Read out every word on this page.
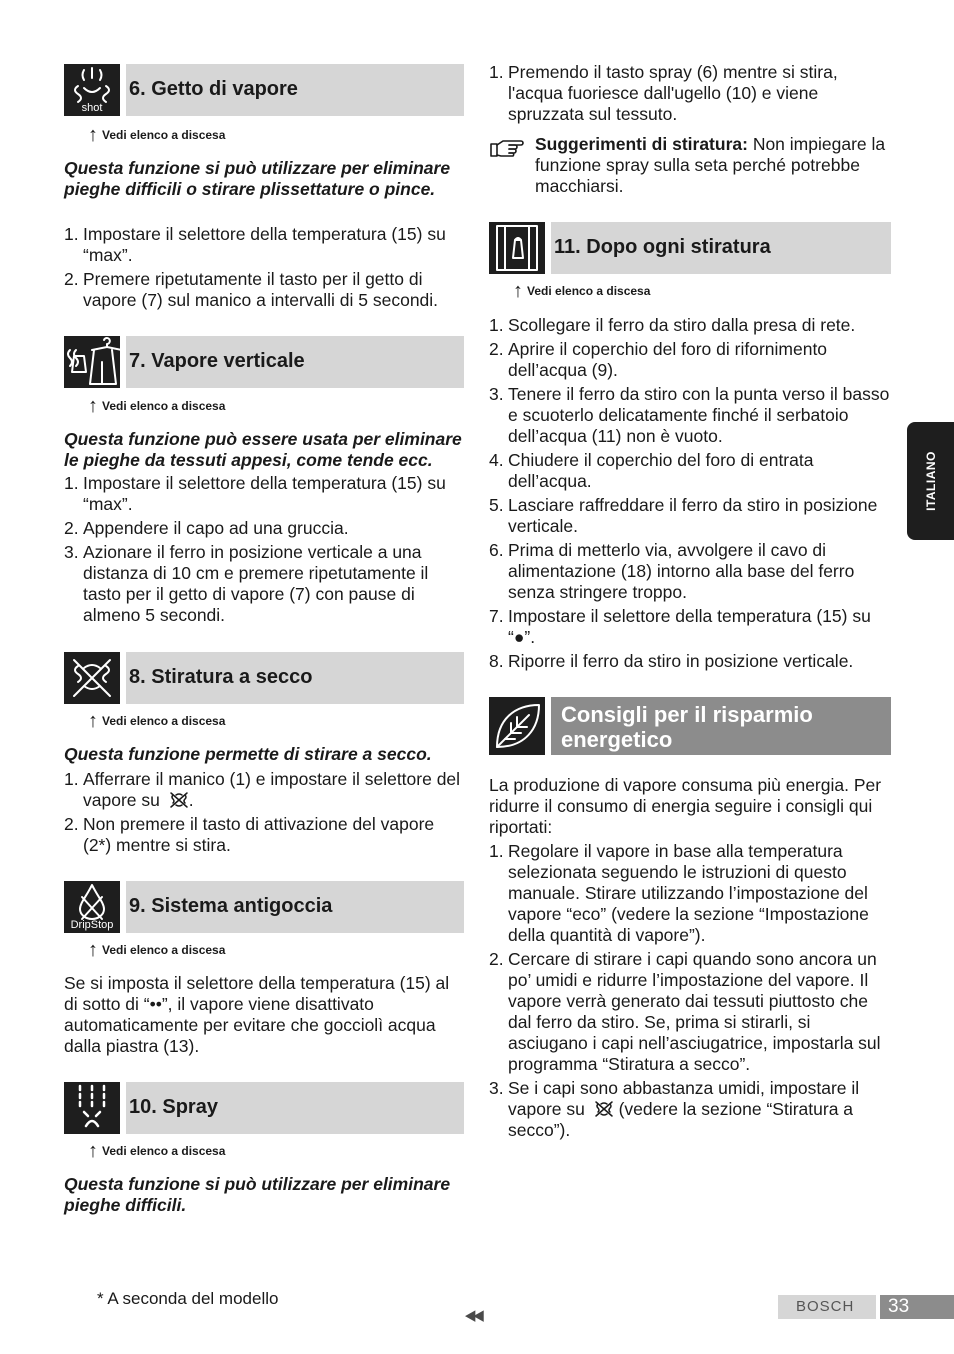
shot
6. Getto di vapore
↑ Vedi elenco a discesa
Questa funzione si può utilizzare per eliminare pieghe difficili o stirare plissettature o pince.
1. Impostare il selettore della temperatura (15) su “max”.
2. Premere ripetutamente il tasto per il getto di vapore (7) sul manico a intervalli di 5 secondi.
7. Vapore verticale
↑ Vedi elenco a discesa
Questa funzione può essere usata per eliminare le pieghe da tessuti appesi, come tende ecc.
1. Impostare il selettore della temperatura (15) su “max”.
2. Appendere il capo ad una gruccia.
3. Azionare il ferro in posizione verticale a una distanza di 10 cm e premere ripetutamente il tasto per il getto di vapore (7) con pause di almeno 5 secondi.
8. Stiratura a secco
↑ Vedi elenco a discesa
Questa funzione permette di stirare a secco.
1. Afferrare il manico (1) e impostare il selettore del vapore su .
2. Non premere il tasto di attivazione del vapore (2*) mentre si stira.
DripStop
9. Sistema antigoccia
↑ Vedi elenco a discesa
Se si imposta il selettore della temperatura (15) al di sotto di “••”, il vapore viene disattivato automaticamente per evitare che gocciolì acqua dalla piastra (13).
10. Spray
↑ Vedi elenco a discesa
Questa funzione si può utilizzare per eliminare pieghe difficili.
1. Premendo il tasto spray (6) mentre si stira, l'acqua fuoriesce dall'ugello (10) e viene spruzzata sul tessuto.
Suggerimenti di stiratura: Non impiegare la funzione spray sulla seta perché potrebbe macchiarsi.
11. Dopo ogni stiratura
↑ Vedi elenco a discesa
1. Scollegare il ferro da stiro dalla presa di rete.
2. Aprire il coperchio del foro di rifornimento dell’acqua (9).
3. Tenere il ferro da stiro con la punta verso il basso e scuoterlo delicatamente finché il serbatoio dell’acqua (11) non è vuoto.
4. Chiudere il coperchio del foro di entrata dell’acqua.
5. Lasciare raffreddare il ferro da stiro in posizione verticale.
6. Prima di metterlo via, avvolgere il cavo di alimentazione (18) intorno alla base del ferro senza stringere troppo.
7. Impostare il selettore della temperatura (15) su “●”.
8. Riporre il ferro da stiro in posizione verticale.
Consigli per il risparmio energetico
La produzione di vapore consuma più energia. Per ridurre il consumo di energia seguire i consigli qui riportati:
1. Regolare il vapore in base alla temperatura selezionata seguendo le istruzioni di questo manuale. Stirare utilizzando l’impostazione del vapore “eco” (vedere la sezione “Impostazione della quantità di vapore”).
2. Cercare di stirare i capi quando sono ancora un po’ umidi e ridurre l’impostazione del vapore. Il vapore verrà generato dai tessuti piuttosto che dal ferro da stiro. Se, prima si stirarli, si asciugano i capi nell’asciugatrice, impostarla sul programma “Stiratura a secco”.
3. Se i capi sono abbastanza umidi, impostare il vapore su  (vedere la sezione “Stiratura a secco”).
ITALIANO
* A seconda del modello
◀◀
BOSCH 33
